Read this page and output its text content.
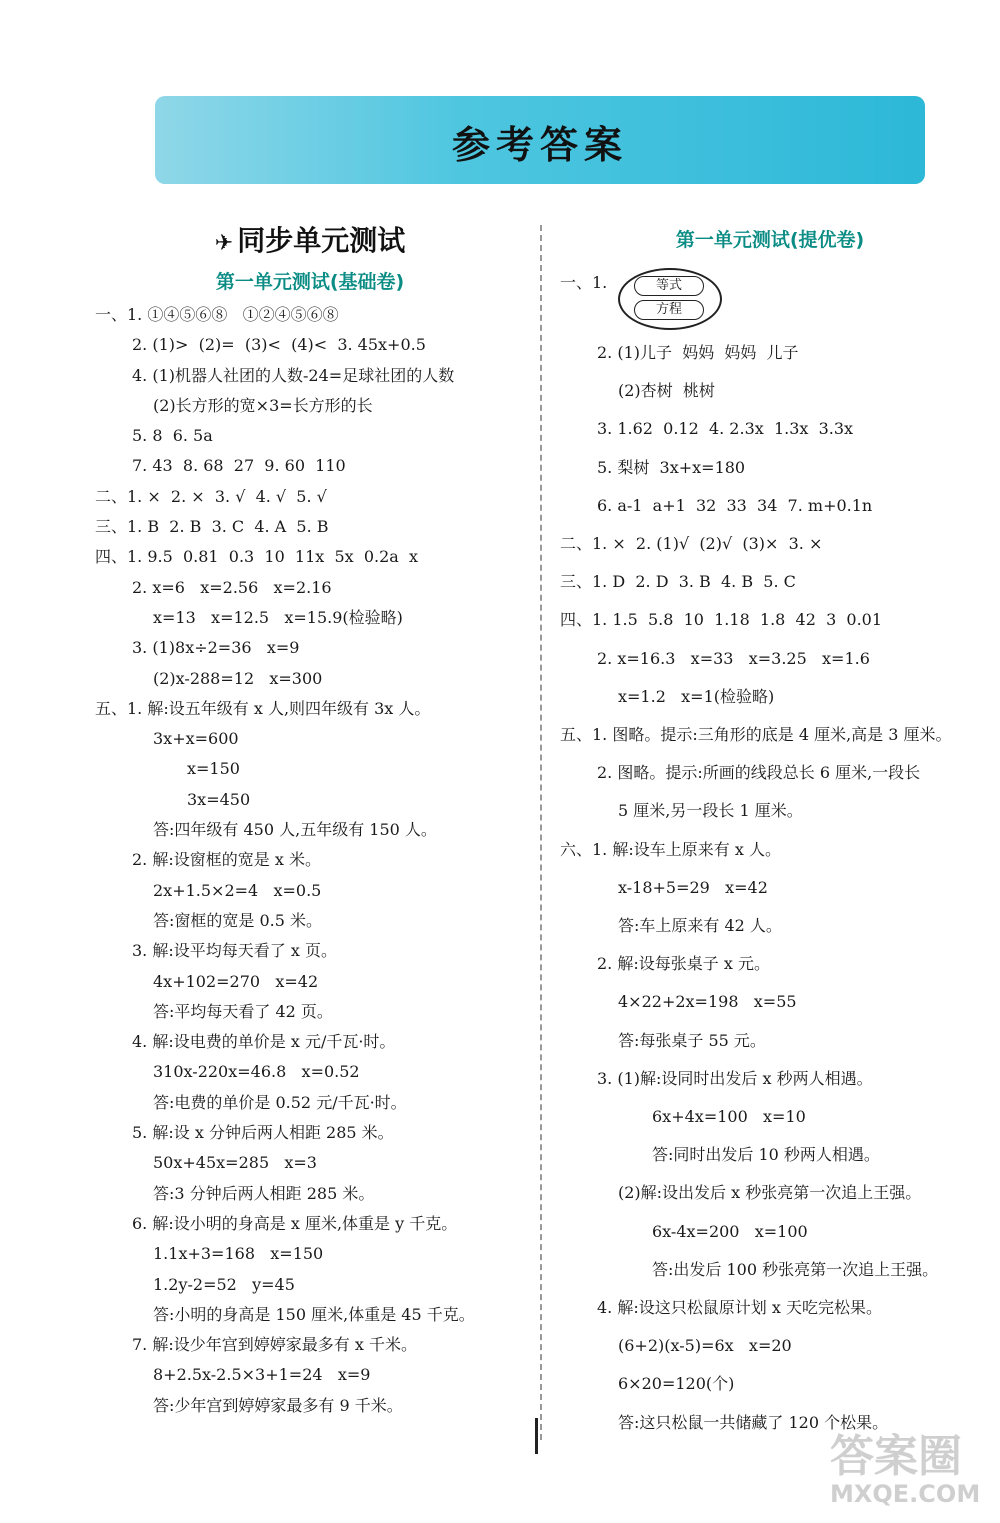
参考答案
✈ 同步单元测试
第一单元测试(基础卷)
一、1. ①④⑤⑥⑧   ①②④⑤⑥⑧
2. (1)>  (2)=  (3)<  (4)<  3. 45x+0.5
4. (1)机器人社团的人数-24=足球社团的人数
(2)长方形的宽×3=长方形的长
5. 8  6. 5a
7. 43  8. 68  27  9. 60  110
二、1. ×  2. ×  3. √  4. √  5. √
三、1. B  2. B  3. C  4. A  5. B
四、1. 9.5  0.81  0.3  10  11x  5x  0.2a  x
2. x=6   x=2.56   x=2.16
x=13   x=12.5   x=15.9(检验略)
3. (1)8x÷2=36   x=9
(2)x-288=12   x=300
五、1. 解:设五年级有 x 人,则四年级有 3x 人。
3x+x=600
x=150
3x=450
答:四年级有 450 人,五年级有 150 人。
2. 解:设窗框的宽是 x 米。
2x+1.5×2=4   x=0.5
答:窗框的宽是 0.5 米。
3. 解:设平均每天看了 x 页。
4x+102=270   x=42
答:平均每天看了 42 页。
4. 解:设电费的单价是 x 元/千瓦·时。
310x-220x=46.8   x=0.52
答:电费的单价是 0.52 元/千瓦·时。
5. 解:设 x 分钟后两人相距 285 米。
50x+45x=285   x=3
答:3 分钟后两人相距 285 米。
6. 解:设小明的身高是 x 厘米,体重是 y 千克。
1.1x+3=168   x=150
1.2y-2=52   y=45
答:小明的身高是 150 厘米,体重是 45 千克。
7. 解:设少年宫到婷婷家最多有 x 千米。
8+2.5x-2.5×3+1=24   x=9
答:少年宫到婷婷家最多有 9 千米。
第一单元测试(提优卷)
一、1.	等式
方程
2. (1)儿子  妈妈  妈妈  儿子
(2)杏树  桃树
3. 1.62  0.12  4. 2.3x  1.3x  3.3x
5. 梨树  3x+x=180
6. a-1  a+1  32  33  34  7. m+0.1n
二、1. ×  2. (1)√  (2)√  (3)×  3. ×
三、1. D  2. D  3. B  4. B  5. C
四、1. 1.5  5.8  10  1.18  1.8  42  3  0.01
2. x=16.3   x=33   x=3.25   x=1.6
x=1.2   x=1(检验略)
五、1. 图略。提示:三角形的底是 4 厘米,高是 3 厘米。
2. 图略。提示:所画的线段总长 6 厘米,一段长
5 厘米,另一段长 1 厘米。
六、1. 解:设车上原来有 x 人。
x-18+5=29   x=42
答:车上原来有 42 人。
2. 解:设每张桌子 x 元。
4×22+2x=198   x=55
答:每张桌子 55 元。
3. (1)解:设同时出发后 x 秒两人相遇。
6x+4x=100   x=10
答:同时出发后 10 秒两人相遇。
(2)解:设出发后 x 秒张亮第一次追上王强。
6x-4x=200   x=100
答:出发后 100 秒张亮第一次追上王强。
4. 解:设这只松鼠原计划 x 天吃完松果。
(6+2)(x-5)=6x   x=20
6×20=120(个)
答:这只松鼠一共储藏了 120 个松果。
答案圈
MXQE.COM
